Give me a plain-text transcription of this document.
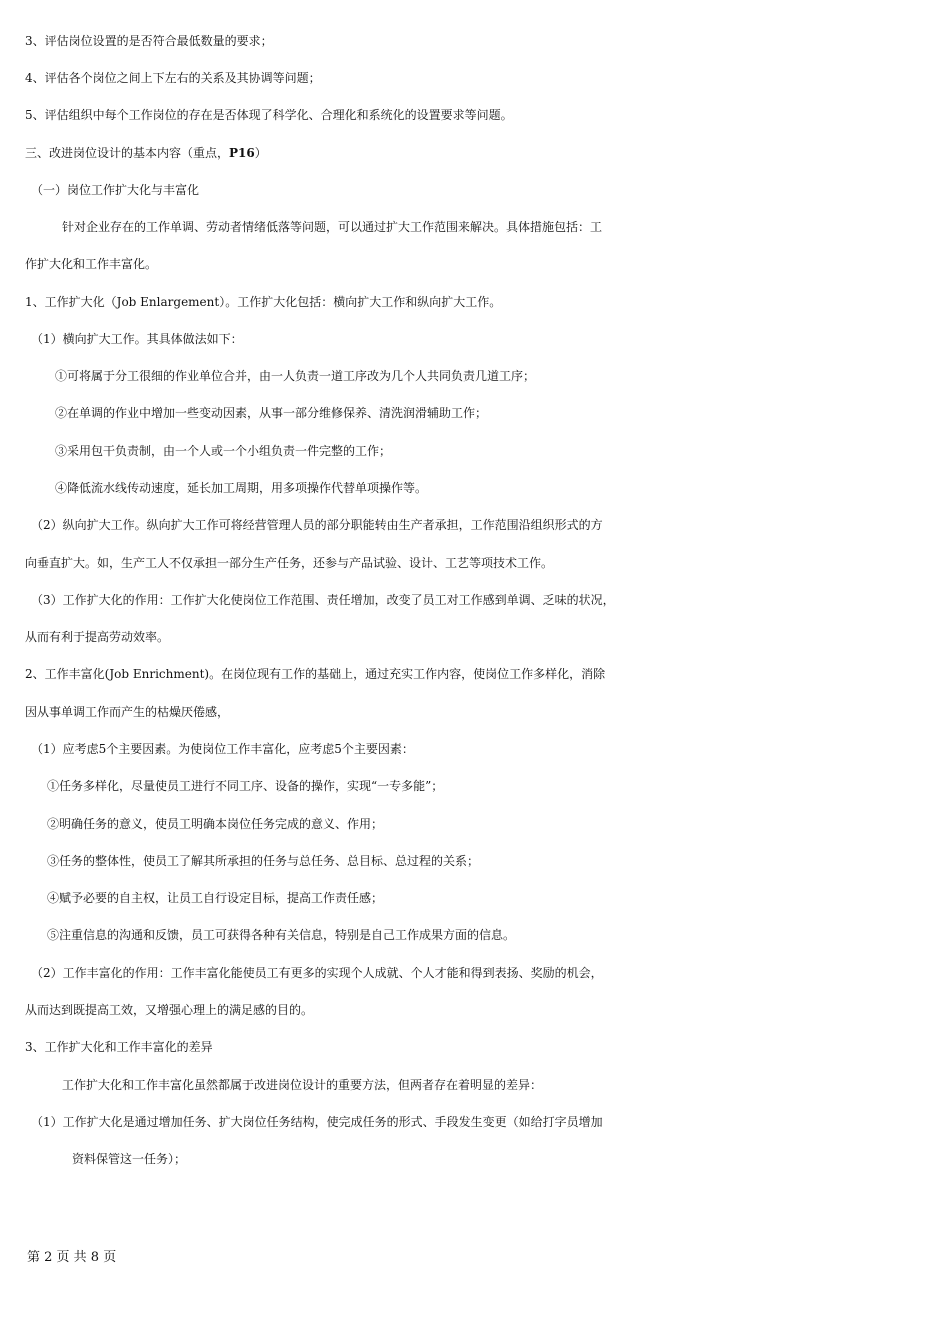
3、评估岗位设置的是否符合最低数量的要求；
4、评估各个岗位之间上下左右的关系及其协调等问题；
5、评估组织中每个工作岗位的存在是否体现了科学化、合理化和系统化的设置要求等问题。
三、改进岗位设计的基本内容（重点，P16）
（一）岗位工作扩大化与丰富化
针对企业存在的工作单调、劳动者情绪低落等问题，可以通过扩大工作范围来解决。具体措施包括：工
作扩大化和工作丰富化。
1、工作扩大化（Job Enlargement）。工作扩大化包括：横向扩大工作和纵向扩大工作。
（1）横向扩大工作。其具体做法如下：
①可将属于分工很细的作业单位合并，由一人负责一道工序改为几个人共同负责几道工序；
②在单调的作业中增加一些变动因素，从事一部分维修保养、清洗润滑辅助工作；
③采用包干负责制，由一个人或一个小组负责一件完整的工作；
④降低流水线传动速度，延长加工周期，用多项操作代替单项操作等。
（2）纵向扩大工作。纵向扩大工作可将经营管理人员的部分职能转由生产者承担，工作范围沿组织形式的方
向垂直扩大。如，生产工人不仅承担一部分生产任务，还参与产品试验、设计、工艺等项技术工作。
（3）工作扩大化的作用：工作扩大化使岗位工作范围、责任增加，改变了员工对工作感到单调、乏味的状况，
从而有利于提高劳动效率。
2、工作丰富化(Job Enrichment)。在岗位现有工作的基础上，通过充实工作内容，使岗位工作多样化，消除
因从事单调工作而产生的枯燥厌倦感，
（1）应考虑5个主要因素。为使岗位工作丰富化，应考虑5个主要因素：
①任务多样化，尽量使员工进行不同工序、设备的操作，实现“一专多能”；
②明确任务的意义，使员工明确本岗位任务完成的意义、作用；
③任务的整体性，使员工了解其所承担的任务与总任务、总目标、总过程的关系；
④赋予必要的自主权，让员工自行设定目标，提高工作责任感；
⑤注重信息的沟通和反馈，员工可获得各种有关信息，特别是自己工作成果方面的信息。
（2）工作丰富化的作用：工作丰富化能使员工有更多的实现个人成就、个人才能和得到表扬、奖励的机会，
从而达到既提高工效，又增强心理上的满足感的目的。
3、工作扩大化和工作丰富化的差异
工作扩大化和工作丰富化虽然都属于改进岗位设计的重要方法，但两者存在着明显的差异：
（1）工作扩大化是通过增加任务、扩大岗位任务结构，使完成任务的形式、手段发生变更（如给打字员增加
资料保管这一任务）；
第 2 页 共 8 页
